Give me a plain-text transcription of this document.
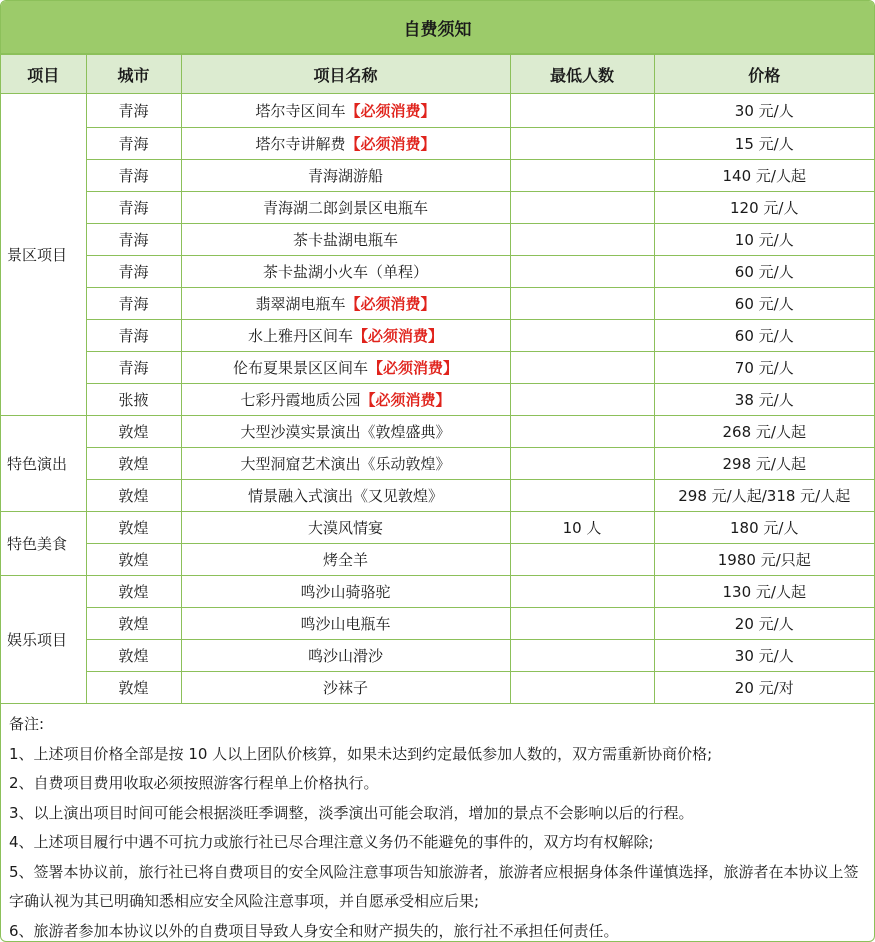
自费须知
项目	城市	项目名称	最低人数	价格
景区项目	青海	塔尔寺区间车【必须消费】		30 元/人
	青海	塔尔寺讲解费【必须消费】		15 元/人
	青海	青海湖游船		140 元/人起
	青海	青海湖二郎剑景区电瓶车		120 元/人
	青海	茶卡盐湖电瓶车		10 元/人
	青海	茶卡盐湖小火车（单程）		60 元/人
	青海	翡翠湖电瓶车【必须消费】		60 元/人
	青海	水上雅丹区间车【必须消费】		60 元/人
	青海	伦布夏果景区区间车【必须消费】		70 元/人
	张掖	七彩丹霞地质公园【必须消费】		38 元/人
特色演出	敦煌	大型沙漠实景演出《敦煌盛典》		268 元/人起
	敦煌	大型洞窟艺术演出《乐动敦煌》		298 元/人起
	敦煌	情景融入式演出《又见敦煌》		298 元/人起/318 元/人起
特色美食	敦煌	大漠风情宴	10 人	180 元/人
	敦煌	烤全羊		1980 元/只起
娱乐项目	敦煌	鸣沙山骑骆驼		130 元/人起
	敦煌	鸣沙山电瓶车		20 元/人
	敦煌	鸣沙山滑沙		30 元/人
	敦煌	沙袜子		20 元/对

备注:

1、上述项目价格全部是按 10 人以上团队价核算，如果未达到约定最低参加人数的，双方需重新协商价格;

2、自费项目费用收取必须按照游客行程单上价格执行。

3、以上演出项目时间可能会根据淡旺季调整，淡季演出可能会取消，增加的景点不会影响以后的行程。

4、上述项目履行中遇不可抗力或旅行社已尽合理注意义务仍不能避免的事件的，双方均有权解除;

5、签署本协议前，旅行社已将自费项目的安全风险注意事项告知旅游者，旅游者应根据身体条件谨慎选择，旅游者在本协议上签字确认视为其已明确知悉相应安全风险注意事项，并自愿承受相应后果;

6、旅游者参加本协议以外的自费项目导致人身安全和财产损失的，旅行社不承担任何责任。
